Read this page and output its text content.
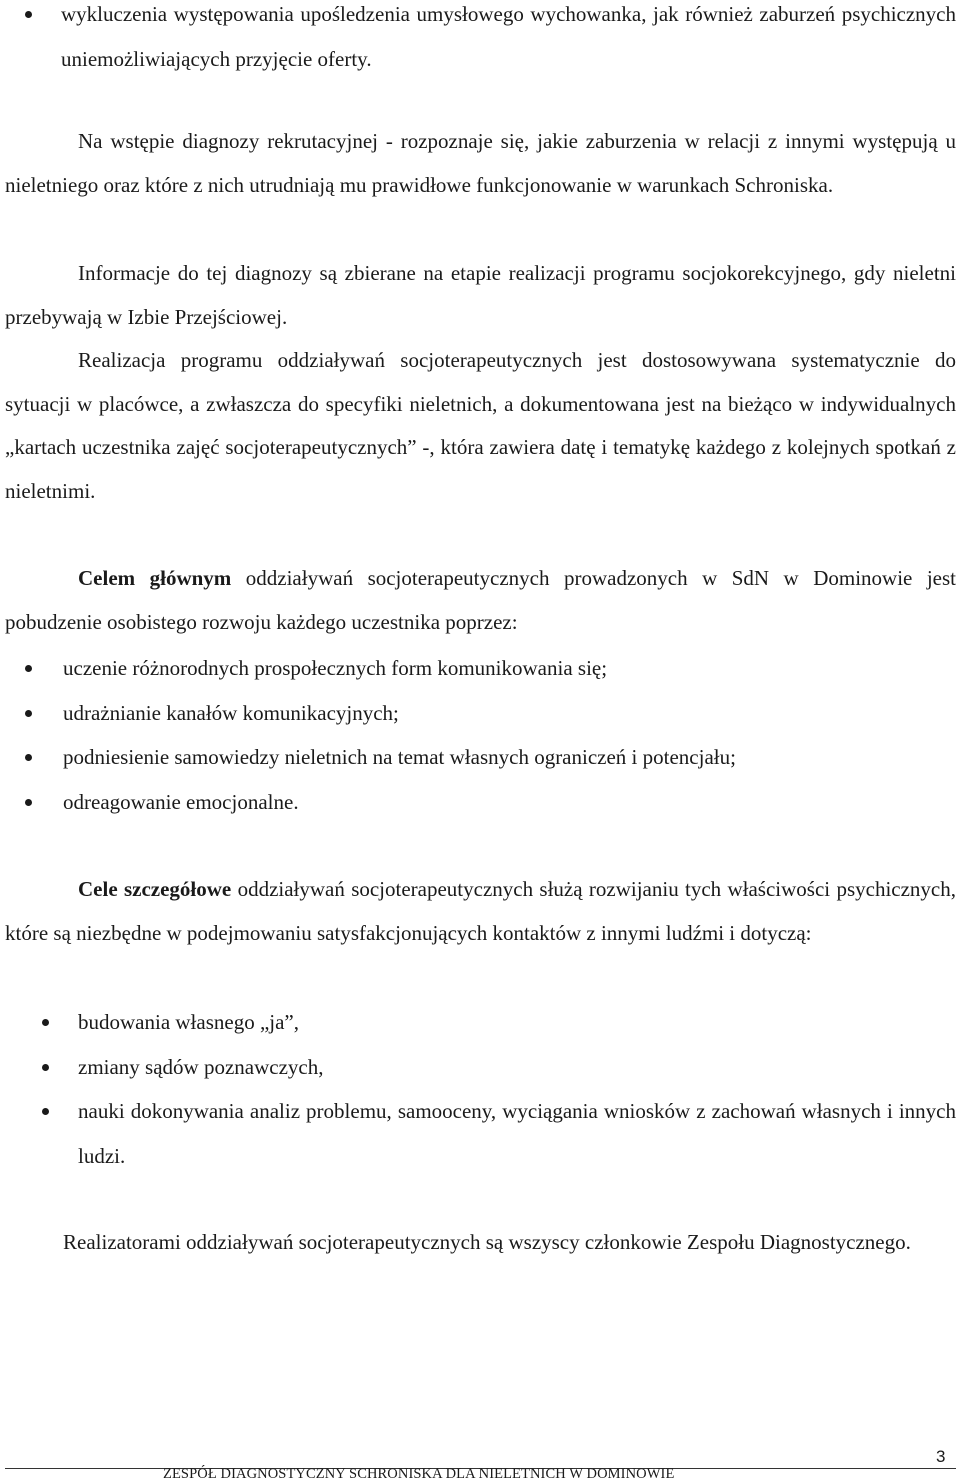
wykluczenia występowania upośledzenia umysłowego wychowanka, jak również zaburzeń psychicznych uniemożliwiających przyjęcie oferty.

Na wstępie diagnozy rekrutacyjnej - rozpoznaje się, jakie zaburzenia w relacji z innymi występują u nieletniego oraz które z nich utrudniają mu prawidłowe funkcjonowanie w warunkach Schroniska.

Informacje do tej diagnozy są zbierane na etapie realizacji programu socjokorekcyjnego, gdy nieletni przebywają w Izbie Przejściowej.

Realizacja programu oddziaływań socjoterapeutycznych jest dostosowywana systematycznie do sytuacji w placówce, a zwłaszcza do specyfiki nieletnich, a dokumentowana jest na bieżąco w indywidualnych „kartach uczestnika zajęć socjoterapeutycznych” -, która zawiera datę i tematykę każdego z kolejnych spotkań z nieletnimi.

Celem głównym oddziaływań socjoterapeutycznych prowadzonych w SdN w Dominowie jest pobudzenie osobistego rozwoju każdego uczestnika poprzez:

uczenie różnorodnych prospołecznych form komunikowania się;
udrażnianie kanałów komunikacyjnych;
podniesienie samowiedzy nieletnich na temat własnych ograniczeń i potencjału;
odreagowanie emocjonalne.

Cele szczegółowe oddziaływań socjoterapeutycznych służą rozwijaniu tych właściwości psychicznych, które są niezbędne w podejmowaniu satysfakcjonujących kontaktów z innymi ludźmi i dotyczą:

budowania własnego „ja”,
zmiany sądów poznawczych,
nauki dokonywania analiz problemu, samooceny, wyciągania wniosków z zachowań własnych i innych ludzi.

Realizatorami oddziaływań socjoterapeutycznych są wszyscy członkowie Zespołu Diagnostycznego.

3
ZESPÓŁ DIAGNOSTYCZNY SCHRONISKA DLA NIELETNICH W DOMINOWIE
